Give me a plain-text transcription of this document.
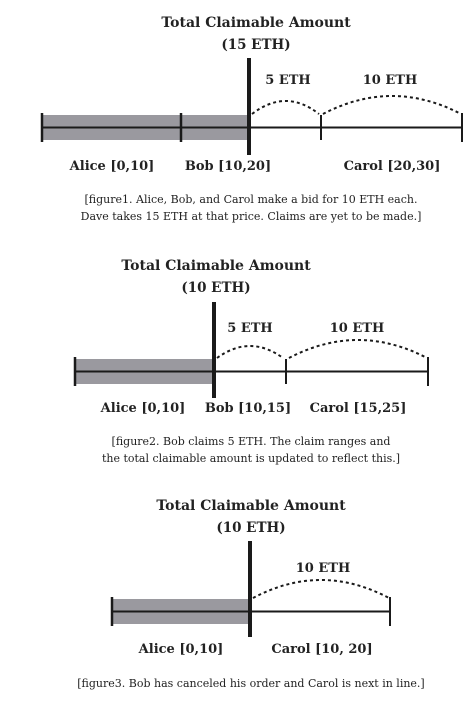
Total Claimable Amount
(15 ETH)
5 ETH	10 ETH
Alice [0,10] Bob [10,20]	Carol [20,30]
[figure1. Alice, Bob, and Carol make a bid for 10 ETH each.
Dave takes 15 ETH at that price. Claims are yet to be made.]
Total Claimable Amount
(10 ETH)
5 ETH	10 ETH
Alice [0,10] Bob [10,15] Carol [15,25]
[figure2. Bob claims 5 ETH. The claim ranges and
the total claimable amount is updated to reflect this.]
Total Claimable Amount
(10 ETH)
10 ETH
Alice [0,10]	Carol [10, 20]
[figure3. Bob has canceled his order and Carol is next in line.]
